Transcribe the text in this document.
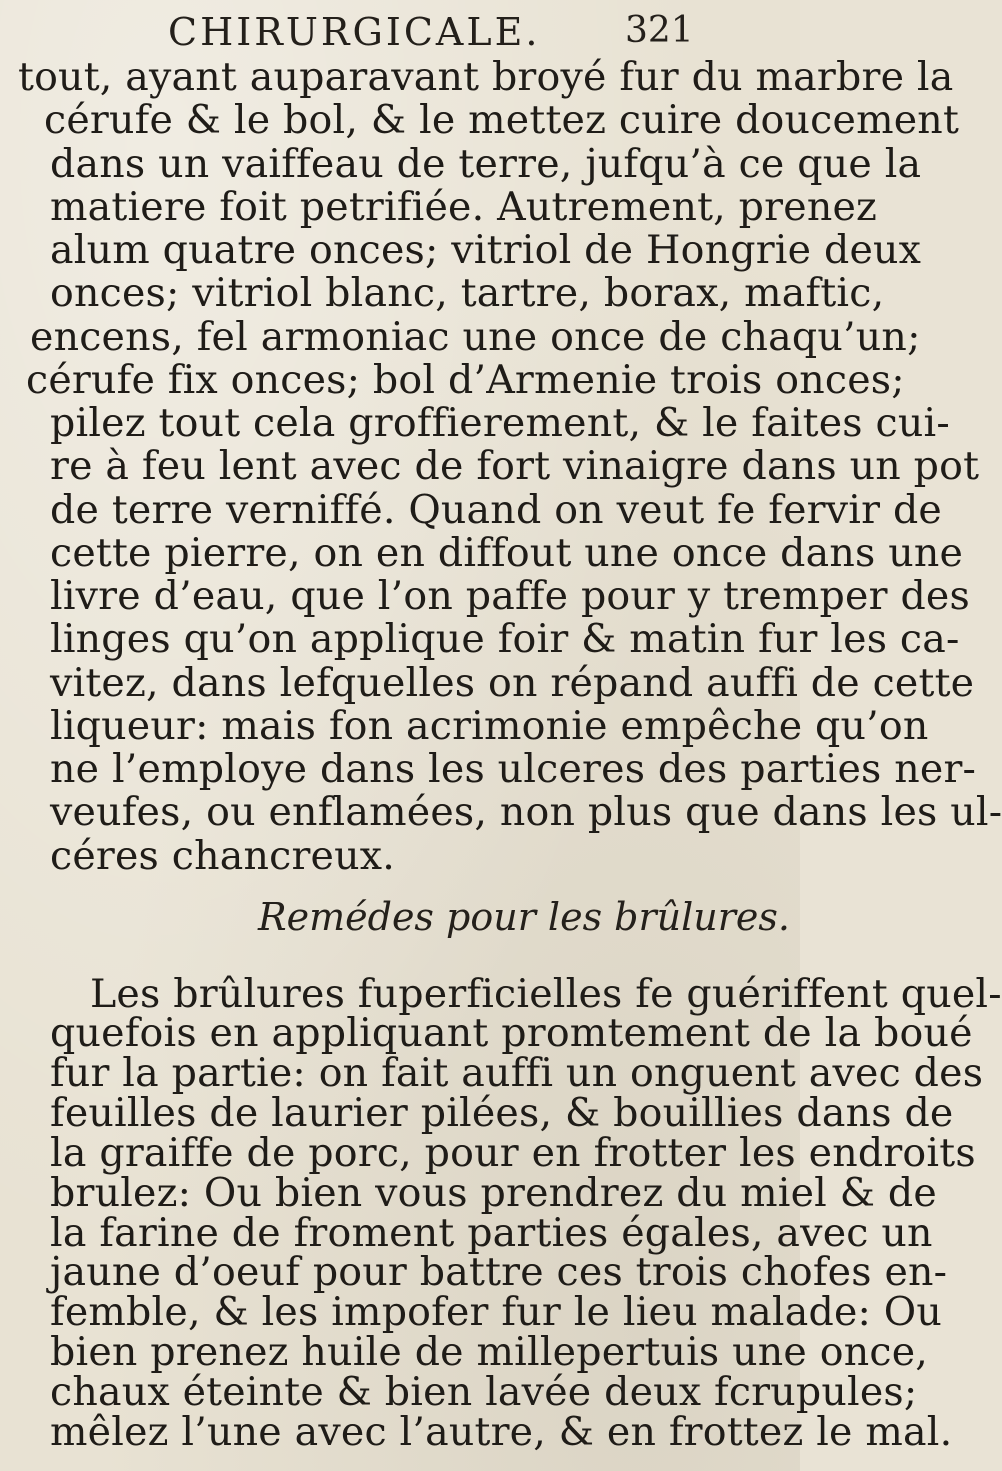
CHIRURGICALE. 321
tout, ayant auparavant broyé fur du marbre la
cérufe & le bol, & le mettez cuire doucement
dans un vaiffeau de terre, jufqu’à ce que la
matiere foit petrifiée. Autrement, prenez
alum quatre onces; vitriol de Hongrie deux
onces; vitriol blanc, tartre, borax, maftic,
encens, fel armoniac une once de chaqu’un;
cérufe fix onces; bol d’Armenie trois onces;
pilez tout cela groffierement, & le faites cui-
re à feu lent avec de fort vinaigre dans un pot
de terre verniffé. Quand on veut fe fervir de
cette pierre, on en diffout une once dans une
livre d’eau, que l’on paffe pour y tremper des
linges qu’on applique foir & matin fur les ca-
vitez, dans lefquelles on répand auffi de cette
liqueur: mais fon acrimonie empêche qu’on
ne l’employe dans les ulceres des parties ner-
veufes, ou enflamées, non plus que dans les ul-
céres chancreux.
Remédes pour les brûlures.
Les brûlures fuperficielles fe guériffent quel-
quefois en appliquant promtement de la boué
fur la partie: on fait auffi un onguent avec des
feuilles de laurier pilées, & bouillies dans de
la graiffe de porc, pour en frotter les endroits
brulez: Ou bien vous prendrez du miel & de
la farine de froment parties égales, avec un
jaune d’oeuf pour battre ces trois chofes en-
femble, & les impofer fur le lieu malade: Ou
bien prenez huile de millepertuis une once,
chaux éteinte & bien lavée deux fcrupules;
mêlez l’une avec l’autre, & en frottez le mal.
